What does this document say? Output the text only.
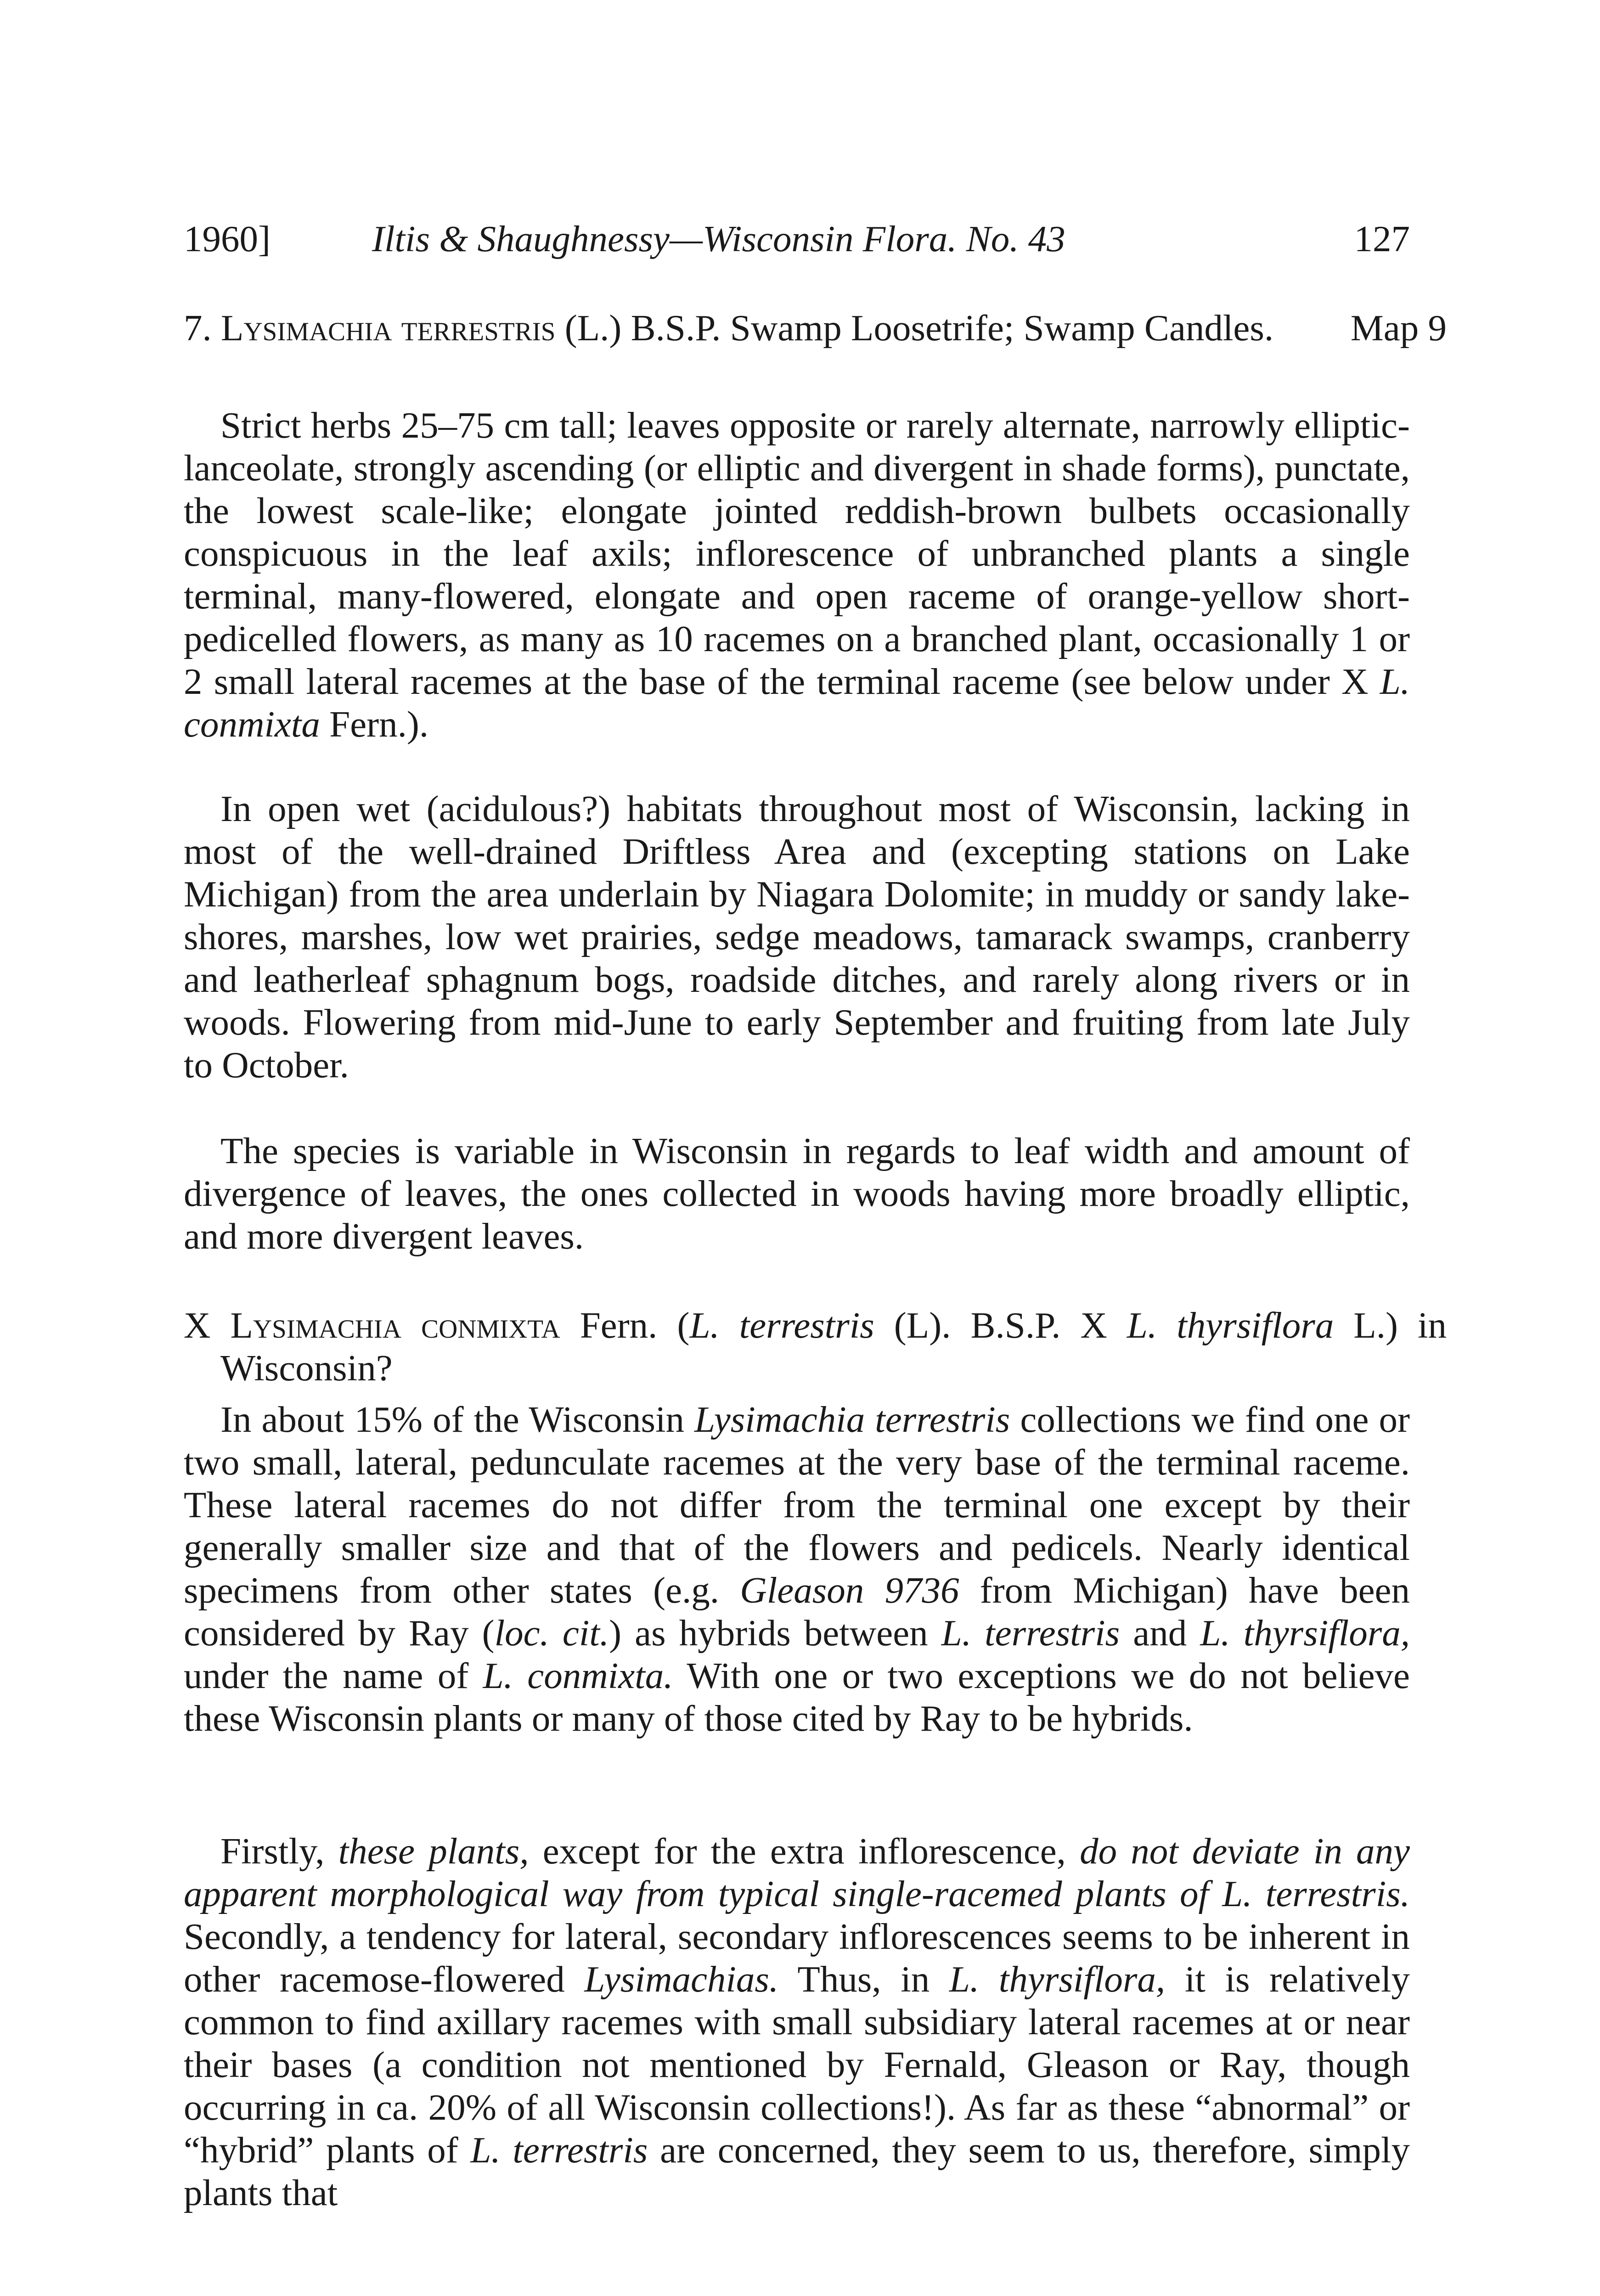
1960]	Iltis & Shaughnessy—Wisconsin Flora. No. 43	127
7. Lysimachia terrestris (L.) B.S.P. Swamp Loosetrife; Swamp Candles. Map 9
Strict herbs 25–75 cm tall; leaves opposite or rarely alternate, narrowly elliptic-lanceolate, strongly ascending (or elliptic and divergent in shade forms), punctate, the lowest scale-like; elongate jointed reddish-brown bulbets occasionally conspicuous in the leaf axils; inflorescence of unbranched plants a single terminal, many-flowered, elongate and open raceme of orange-yellow short-pedicelled flowers, as many as 10 racemes on a branched plant, occasionally 1 or 2 small lateral racemes at the base of the terminal raceme (see below under X L. conmixta Fern.).
In open wet (acidulous?) habitats throughout most of Wisconsin, lacking in most of the well-drained Driftless Area and (excepting stations on Lake Michigan) from the area underlain by Niagara Dolomite; in muddy or sandy lake-shores, marshes, low wet prairies, sedge meadows, tamarack swamps, cranberry and leatherleaf sphagnum bogs, roadside ditches, and rarely along rivers or in woods. Flowering from mid-June to early September and fruiting from late July to October.
The species is variable in Wisconsin in regards to leaf width and amount of divergence of leaves, the ones collected in woods having more broadly elliptic, and more divergent leaves.
X Lysimachia conmixta Fern. (L. terrestris (L). B.S.P. X L. thyrsiflora L.) in Wisconsin?
In about 15% of the Wisconsin Lysimachia terrestris collections we find one or two small, lateral, pedunculate racemes at the very base of the terminal raceme. These lateral racemes do not differ from the terminal one except by their generally smaller size and that of the flowers and pedicels. Nearly identical specimens from other states (e.g. Gleason 9736 from Michigan) have been considered by Ray (loc. cit.) as hybrids between L. terrestris and L. thyrsiflora, under the name of L. conmixta. With one or two exceptions we do not believe these Wisconsin plants or many of those cited by Ray to be hybrids.
Firstly, these plants, except for the extra inflorescence, do not deviate in any apparent morphological way from typical single-racemed plants of L. terrestris. Secondly, a tendency for lateral, secondary inflorescences seems to be inherent in other racemose-flowered Lysimachias. Thus, in L. thyrsiflora, it is relatively common to find axillary racemes with small subsidiary lateral racemes at or near their bases (a condition not mentioned by Fernald, Gleason or Ray, though occurring in ca. 20% of all Wisconsin collections!). As far as these “abnormal” or “hybrid” plants of L. terrestris are concerned, they seem to us, therefore, simply plants that
